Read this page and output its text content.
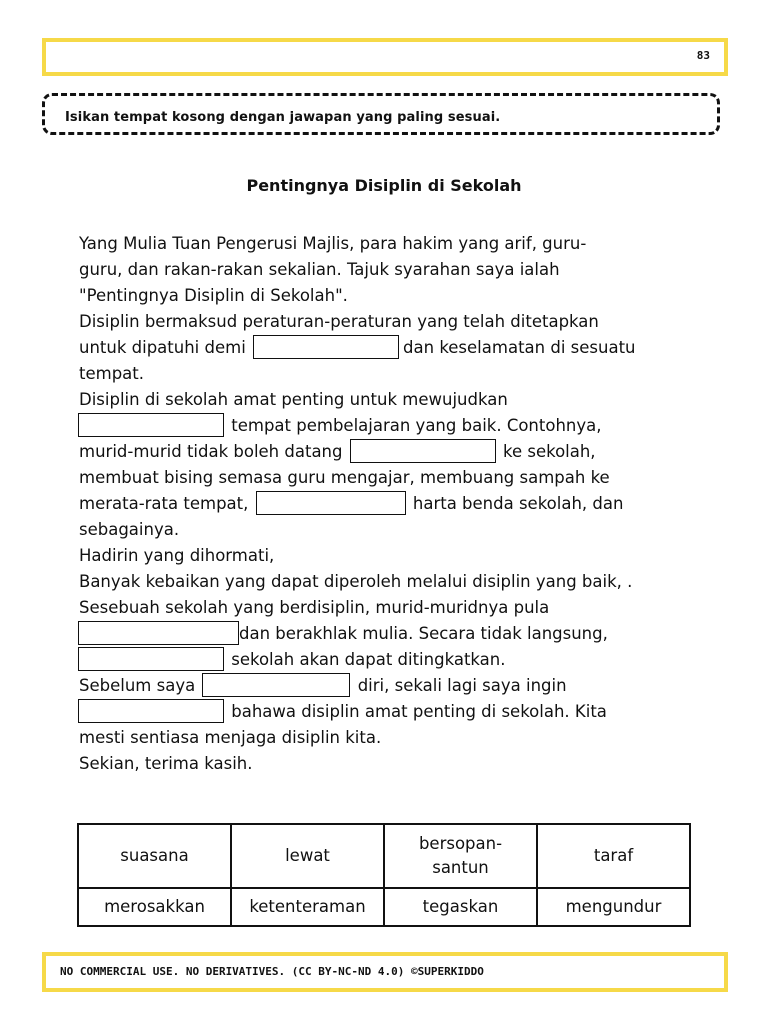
83
Isikan tempat kosong dengan jawapan yang paling sesuai.
Pentingnya Disiplin di Sekolah
Yang Mulia Tuan Pengerusi Majlis, para hakim yang arif, guru-
guru, dan rakan-rakan sekalian. Tajuk syarahan saya ialah
"Pentingnya Disiplin di Sekolah".
Disiplin bermaksud peraturan-peraturan yang telah ditetapkan
untuk dipatuhi demi	dan keselamatan di sesuatu
tempat.
Disiplin di sekolah amat penting untuk mewujudkan
tempat pembelajaran yang baik. Contohnya,
murid-murid tidak boleh datang	ke sekolah,
membuat bising semasa guru mengajar, membuang sampah ke
merata-rata tempat,	harta benda sekolah, dan
sebagainya.
Hadirin yang dihormati,
Banyak kebaikan yang dapat diperoleh melalui disiplin yang baik, .
Sesebuah sekolah yang berdisiplin, murid-muridnya pula
dan berakhlak mulia. Secara tidak langsung,
sekolah akan dapat ditingkatkan.
Sebelum saya	diri, sekali lagi saya ingin
bahawa disiplin amat penting di sekolah. Kita
mesti sentiasa menjaga disiplin kita.
Sekian, terima kasih.
suasana	lewat	bersopan-santun	taraf
merosakkan	ketenteraman	tegaskan	mengundur
NO COMMERCIAL USE. NO DERIVATIVES. (CC BY-NC-ND 4.0) ©SUPERKIDDO
